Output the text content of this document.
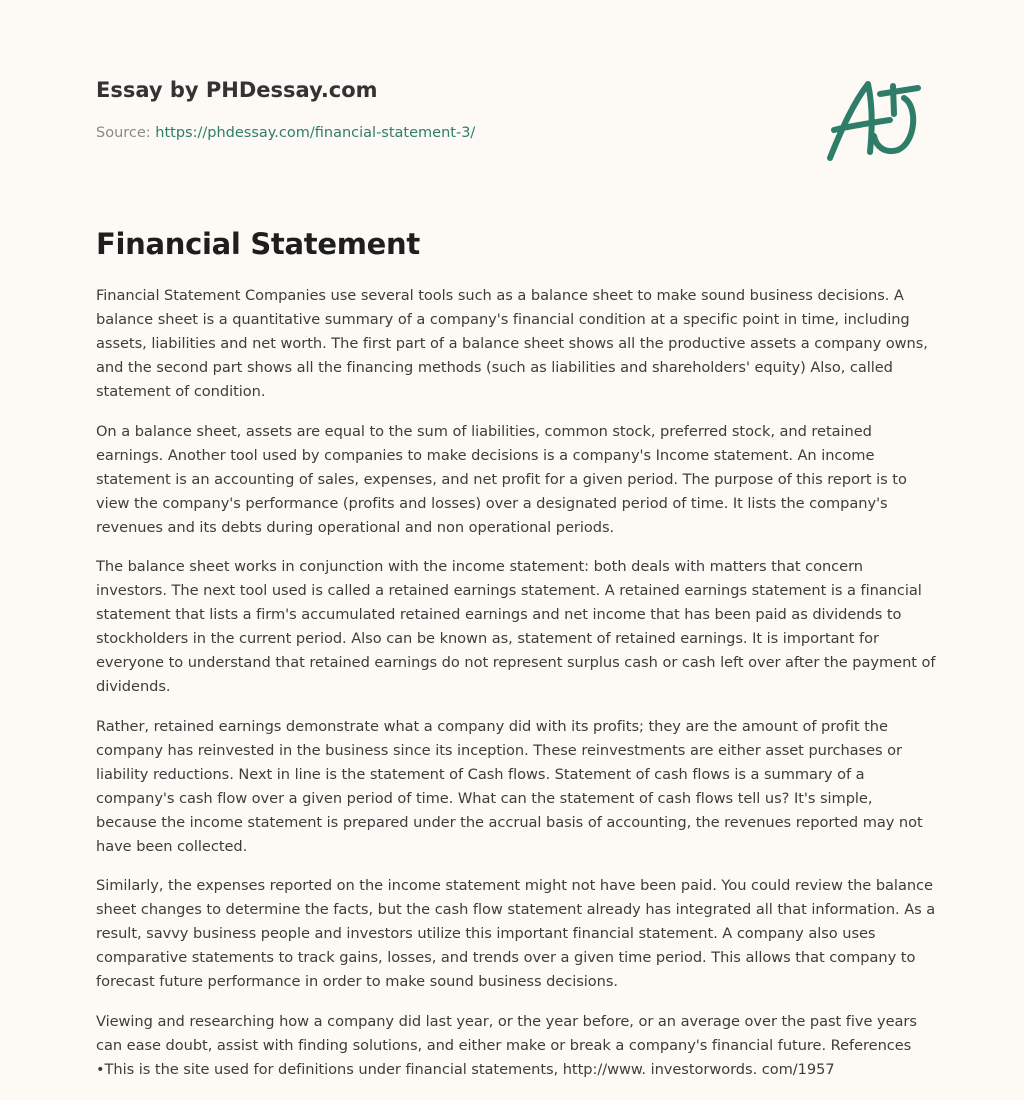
Essay by PHDessay.com
Source: https://phdessay.com/financial-statement-3/
Financial Statement

Financial Statement Companies use several tools such as a balance sheet to make sound business decisions. A balance sheet is a quantitative summary of a company's financial condition at a specific point in time, including assets, liabilities and net worth. The first part of a balance sheet shows all the productive assets a company owns, and the second part shows all the financing methods (such as liabilities and shareholders' equity) Also, called statement of condition.

On a balance sheet, assets are equal to the sum of liabilities, common stock, preferred stock, and retained earnings. Another tool used by companies to make decisions is a company's Income statement. An income statement is an accounting of sales, expenses, and net profit for a given period. The purpose of this report is to view the company's performance (profits and losses) over a designated period of time. It lists the company's revenues and its debts during operational and non operational periods.

The balance sheet works in conjunction with the income statement: both deals with matters that concern investors. The next tool used is called a retained earnings statement. A retained earnings statement is a financial statement that lists a firm's accumulated retained earnings and net income that has been paid as dividends to stockholders in the current period. Also can be known as, statement of retained earnings. It is important for everyone to understand that retained earnings do not represent surplus cash or cash left over after the payment of dividends.

Rather, retained earnings demonstrate what a company did with its profits; they are the amount of profit the company has reinvested in the business since its inception. These reinvestments are either asset purchases or liability reductions. Next in line is the statement of Cash flows. Statement of cash flows is a summary of a company's cash flow over a given period of time. What can the statement of cash flows tell us? It's simple, because the income statement is prepared under the accrual basis of accounting, the revenues reported may not have been collected.

Similarly, the expenses reported on the income statement might not have been paid. You could review the balance sheet changes to determine the facts, but the cash flow statement already has integrated all that information. As a result, savvy business people and investors utilize this important financial statement. A company also uses comparative statements to track gains, losses, and trends over a given time period. This allows that company to forecast future performance in order to make sound business decisions.

Viewing and researching how a company did last year, or the year before, or an average over the past five years can ease doubt, assist with finding solutions, and either make or break a company's financial future. References •This is the site used for definitions under financial statements, http://www. investorwords. com/1957
